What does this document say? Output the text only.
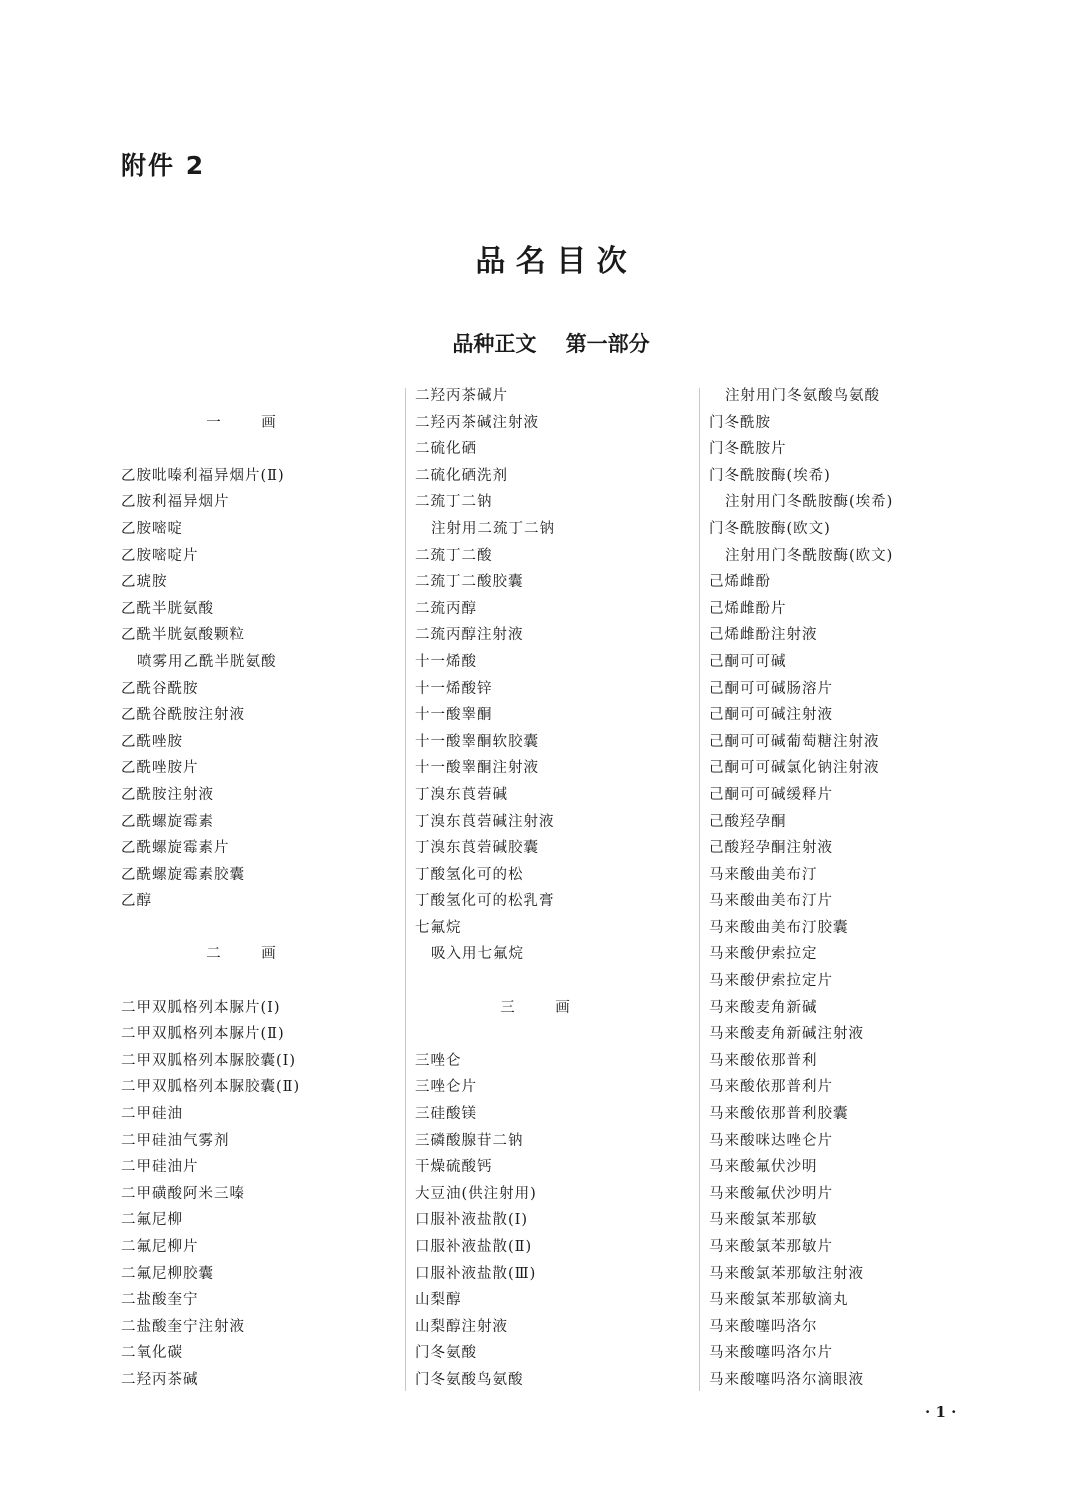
附件 2
品 名 目 次
品种正文    第一部分
一 画
乙胺吡嗪利福异烟片(Ⅱ)
乙胺利福异烟片
乙胺嘧啶
乙胺嘧啶片
乙琥胺
乙酰半胱氨酸
乙酰半胱氨酸颗粒
喷雾用乙酰半胱氨酸
乙酰谷酰胺
乙酰谷酰胺注射液
乙酰唑胺
乙酰唑胺片
乙酰胺注射液
乙酰螺旋霉素
乙酰螺旋霉素片
乙酰螺旋霉素胶囊
乙醇
二 画
二甲双胍格列本脲片(Ⅰ)
二甲双胍格列本脲片(Ⅱ)
二甲双胍格列本脲胶囊(Ⅰ)
二甲双胍格列本脲胶囊(Ⅱ)
二甲硅油
二甲硅油气雾剂
二甲硅油片
二甲磺酸阿米三嗪
二氟尼柳
二氟尼柳片
二氟尼柳胶囊
二盐酸奎宁
二盐酸奎宁注射液
二氧化碳
二羟丙茶碱
二羟丙茶碱片
二羟丙茶碱注射液
二硫化硒
二硫化硒洗剂
二巯丁二钠
注射用二巯丁二钠
二巯丁二酸
二巯丁二酸胶囊
二巯丙醇
二巯丙醇注射液
十一烯酸
十一烯酸锌
十一酸睾酮
十一酸睾酮软胶囊
十一酸睾酮注射液
丁溴东莨菪碱
丁溴东莨菪碱注射液
丁溴东莨菪碱胶囊
丁酸氢化可的松
丁酸氢化可的松乳膏
七氟烷
吸入用七氟烷
三 画
三唑仑
三唑仑片
三硅酸镁
三磷酸腺苷二钠
干燥硫酸钙
大豆油(供注射用)
口服补液盐散(Ⅰ)
口服补液盐散(Ⅱ)
口服补液盐散(Ⅲ)
山梨醇
山梨醇注射液
门冬氨酸
门冬氨酸鸟氨酸
注射用门冬氨酸鸟氨酸
门冬酰胺
门冬酰胺片
门冬酰胺酶(埃希)
注射用门冬酰胺酶(埃希)
门冬酰胺酶(欧文)
注射用门冬酰胺酶(欧文)
己烯雌酚
己烯雌酚片
己烯雌酚注射液
己酮可可碱
己酮可可碱肠溶片
己酮可可碱注射液
己酮可可碱葡萄糖注射液
己酮可可碱氯化钠注射液
己酮可可碱缓释片
己酸羟孕酮
己酸羟孕酮注射液
马来酸曲美布汀
马来酸曲美布汀片
马来酸曲美布汀胶囊
马来酸伊索拉定
马来酸伊索拉定片
马来酸麦角新碱
马来酸麦角新碱注射液
马来酸依那普利
马来酸依那普利片
马来酸依那普利胶囊
马来酸咪达唑仑片
马来酸氟伏沙明
马来酸氟伏沙明片
马来酸氯苯那敏
马来酸氯苯那敏片
马来酸氯苯那敏注射液
马来酸氯苯那敏滴丸
马来酸噻吗洛尔
马来酸噻吗洛尔片
马来酸噻吗洛尔滴眼液
· 1 ·
